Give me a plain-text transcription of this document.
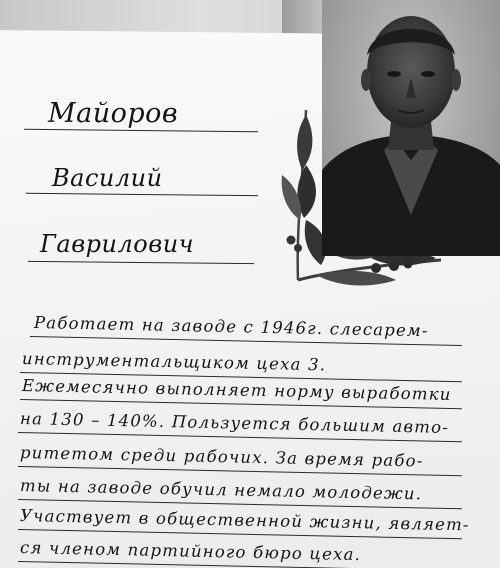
Майоров
Василий
Гаврилович
Работает на заводе с 1946г. слесарем-
инструментальщиком цеха 3.
Ежемесячно выполняет норму выработки
на 130 – 140%. Пользуется большим авто-
ритетом среди рабочих. За время рабо-
ты на заводе обучил немало молодежи.
Участвует в общественной жизни, являет-
ся членом партийного бюро цеха.
